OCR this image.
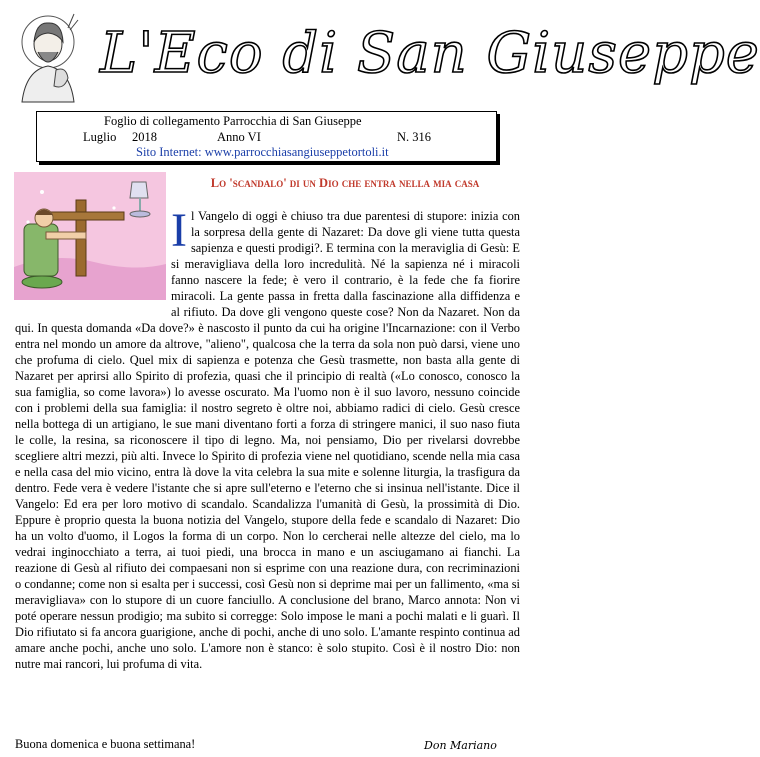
L'Eco di San Giuseppe
Foglio di collegamento Parrocchia di San Giuseppe
Luglio 2018	Anno VI	N. 316
Sito Internet: www.parrocchiasangiuseppetortoli.it
Lo 'scandalo' di un Dio che entra nella mia casa
I l Vangelo di oggi è chiuso tra due parentesi di stupore: inizia con la sorpresa della gente di Nazaret: Da dove gli viene tutta questa sapienza e questi prodigi?. E termina con la meraviglia di Gesù: E si meravigliava della loro incredulità. Né la sapienza né i miracoli fanno nascere la fede; è vero il contrario, è la fede che fa fiorire miracoli. La gente passa in fretta dalla fascinazione alla diffidenza e al rifiuto. Da dove gli vengono queste cose? Non da Nazaret. Non da qui. In questa domanda «Da dove?» è nascosto il punto da cui ha origine l'Incarnazione: con il Verbo entra nel mondo un amore da altrove, "alieno", qualcosa che la terra da sola non può darsi, viene uno che profuma di cielo. Quel mix di sapienza e potenza che Gesù trasmette, non basta alla gente di Nazaret per aprirsi allo Spirito di profezia, quasi che il principio di realtà («Lo conosco, conosco la sua famiglia, so come lavora») lo avesse oscurato. Ma l'uomo non è il suo lavoro, nessuno coincide con i problemi della sua famiglia: il nostro segreto è oltre noi, abbiamo radici di cielo. Gesù cresce nella bottega di un artigiano, le sue mani diventano forti a forza di stringere manici, il suo naso fiuta le colle, la resina, sa riconoscere il tipo di legno. Ma, noi pensiamo, Dio per rivelarsi dovrebbe scegliere altri mezzi, più alti. Invece lo Spirito di profezia viene nel quotidiano, scende nella mia casa e nella casa del mio vicino, entra là dove la vita celebra la sua mite e solenne liturgia, la trasfigura da dentro. Fede vera è vedere l'istante che si apre sull'eterno e l'eterno che si insinua nell'istante. Dice il Vangelo: Ed era per loro motivo di scandalo. Scandalizza l'umanità di Gesù, la prossimità di Dio. Eppure è proprio questa la buona notizia del Vangelo, stupore della fede e scandalo di Nazaret: Dio ha un volto d'uomo, il Logos la forma di un corpo. Non lo cercherai nelle altezze del cielo, ma lo vedrai inginocchiato a terra, ai tuoi piedi, una brocca in mano e un asciugamano ai fianchi. La reazione di Gesù al rifiuto dei compaesani non si esprime con una reazione dura, con recriminazioni o condanne; come non si esalta per i successi, così Gesù non si deprime mai per un fallimento, «ma si meravigliava» con lo stupore di un cuore fanciullo. A conclusione del brano, Marco annota: Non vi poté operare nessun prodigio; ma subito si corregge: Solo impose le mani a pochi malati e li guarì. Il Dio rifiutato si fa ancora guarigione, anche di pochi, anche di uno solo. L'amante respinto continua ad amare anche pochi, anche uno solo. L'amore non è stanco: è solo stupito. Così è il nostro Dio: non nutre mai rancori, lui profuma di vita.
Buona domenica e buona settimana!	Don Mariano
